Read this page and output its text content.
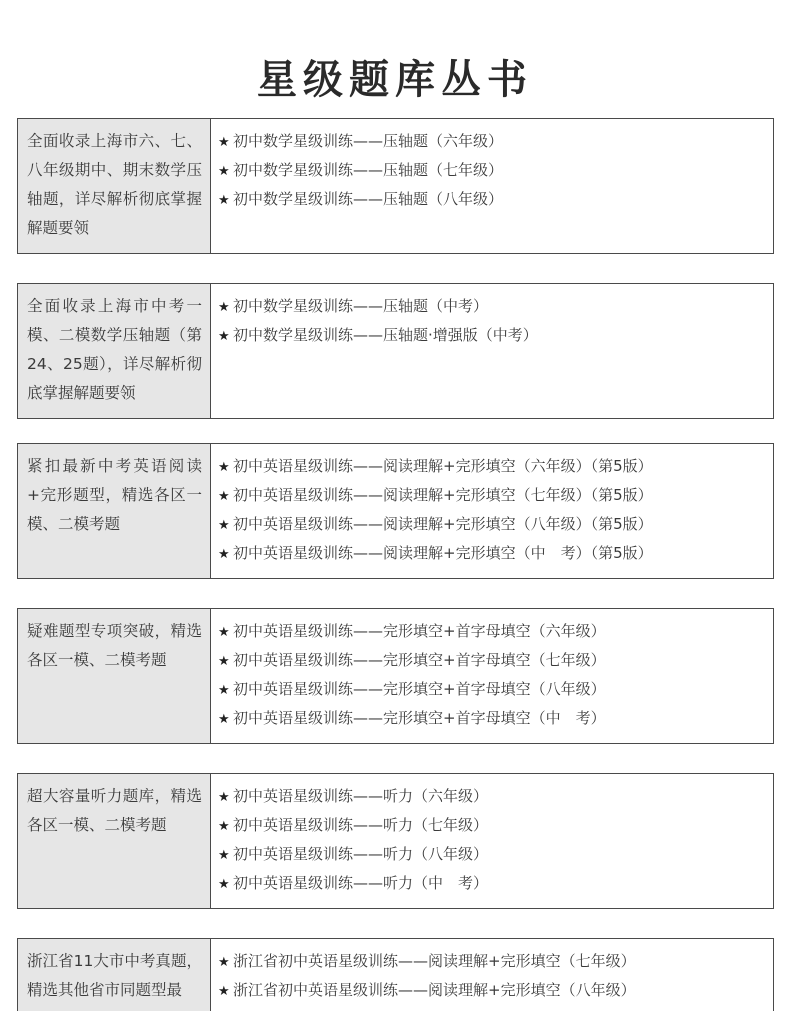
星级题库丛书
全面收录上海市六、七、八年级期中、期末数学压轴题，详尽解析彻底掌握解题要领
★ 初中数学星级训练——压轴题（六年级）
★ 初中数学星级训练——压轴题（七年级）
★ 初中数学星级训练——压轴题（八年级）
全面收录上海市中考一模、二模数学压轴题（第24、25题），详尽解析彻底掌握解题要领
★ 初中数学星级训练——压轴题（中考）
★ 初中数学星级训练——压轴题·增强版（中考）
紧扣最新中考英语阅读+完形题型，精选各区一模、二模考题
★ 初中英语星级训练——阅读理解+完形填空（六年级）（第5版）
★ 初中英语星级训练——阅读理解+完形填空（七年级）（第5版）
★ 初中英语星级训练——阅读理解+完形填空（八年级）（第5版）
★ 初中英语星级训练——阅读理解+完形填空（中　考）（第5版）
疑难题型专项突破，精选各区一模、二模考题
★ 初中英语星级训练——完形填空+首字母填空（六年级）
★ 初中英语星级训练——完形填空+首字母填空（七年级）
★ 初中英语星级训练——完形填空+首字母填空（八年级）
★ 初中英语星级训练——完形填空+首字母填空（中　考）
超大容量听力题库，精选各区一模、二模考题
★ 初中英语星级训练——听力（六年级）
★ 初中英语星级训练——听力（七年级）
★ 初中英语星级训练——听力（八年级）
★ 初中英语星级训练——听力（中　考）
浙江省11大市中考真题，精选其他省市同题型最
★ 浙江省初中英语星级训练——阅读理解+完形填空（七年级）
★ 浙江省初中英语星级训练——阅读理解+完形填空（八年级）
